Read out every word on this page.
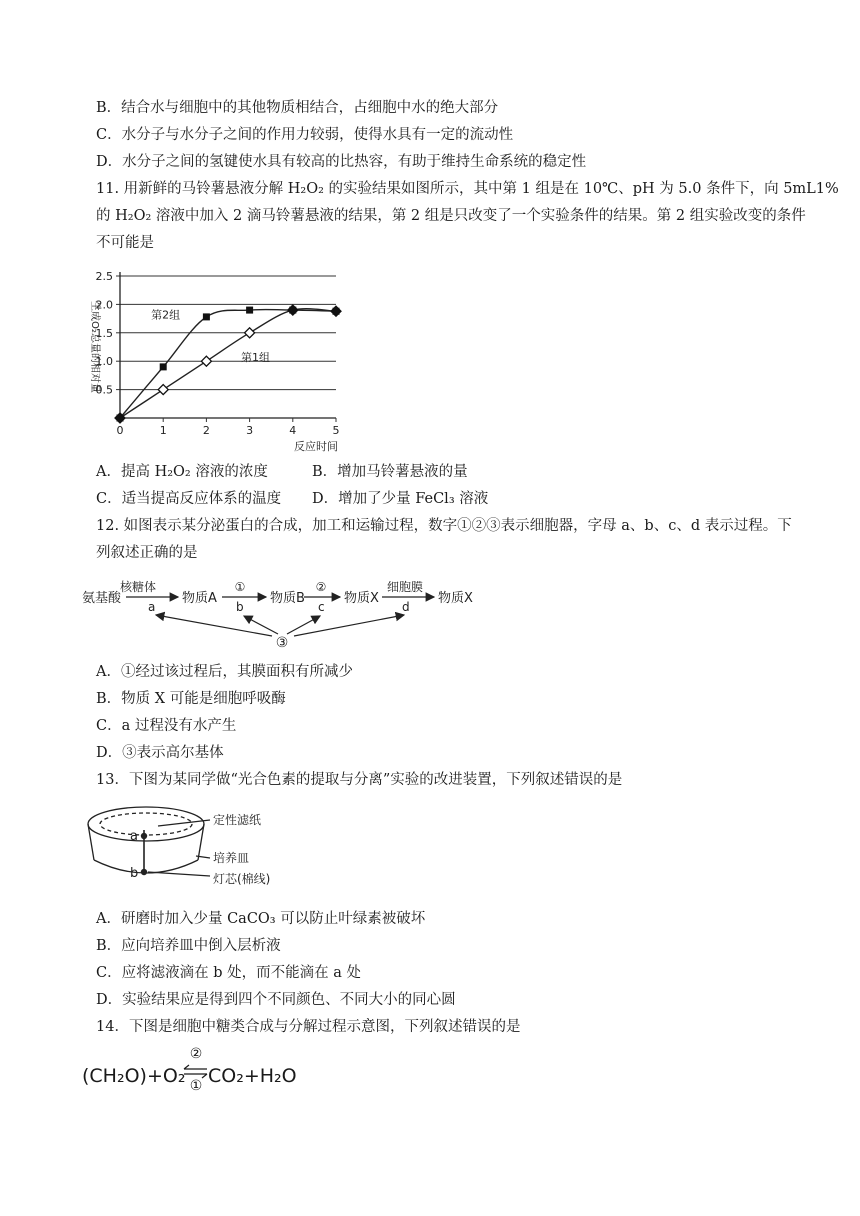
B．结合水与细胞中的其他物质相结合，占细胞中水的绝大部分
C．水分子与水分子之间的作用力较弱，使得水具有一定的流动性
D．水分子之间的氢键使水具有较高的比热容，有助于维持生命系统的稳定性
11. 用新鲜的马铃薯悬液分解 H₂O₂ 的实验结果如图所示，其中第 1 组是在 10℃、pH 为 5.0 条件下，向 5mL1%
的 H₂O₂ 溶液中加入 2 滴马铃薯悬液的结果，第 2 组是只改变了一个实验条件的结果。第 2 组实验改变的条件
不可能是
0.5
1.0
1.5
2.0
2.5
0	1	2	3	4	5
反应时间
生成O₂总量的相对量	第2组
第1组
A．提高 H₂O₂ 溶液的浓度	B．增加马铃薯悬液的量
C．适当提高反应体系的温度 D．增加了少量 FeCl₃ 溶液
12. 如图表示某分泌蛋白的合成，加工和运输过程，数字①②③表示细胞器，字母 a、b、c、d 表示过程。下
列叙述正确的是
氨基酸	物质A	物质B	物质X	物质X
核糖体	①	②	细胞膜
a	b	c	d
③
A．①经过该过程后，其膜面积有所减少
B．物质 X 可能是细胞呼吸酶
C．a 过程没有水产生
D．③表示高尔基体
13．下图为某同学做“光合色素的提取与分离”实验的改进装置，下列叙述错误的是
a
b
定性滤纸
培养皿
灯芯(棉线)
A．研磨时加入少量 CaCO₃ 可以防止叶绿素被破坏
B．应向培养皿中倒入层析液
C．应将滤液滴在 b 处，而不能滴在 a 处
D．实验结果应是得到四个不同颜色、不同大小的同心圆
14．下图是细胞中糖类合成与分解过程示意图，下列叙述错误的是
(CH₂O)+O₂
②
① CO₂+H₂O
